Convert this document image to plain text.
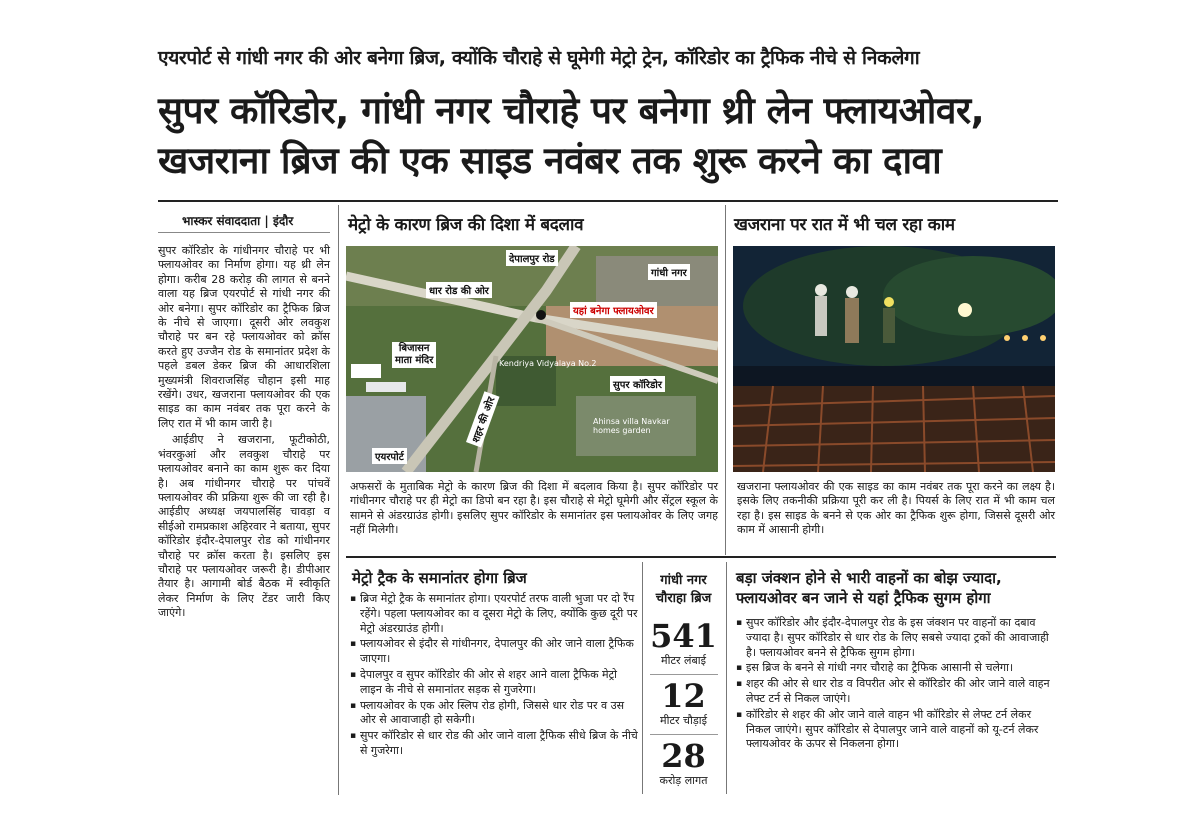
एयरपोर्ट से गांधी नगर की ओर बनेगा ब्रिज, क्योंकि चौराहे से घूमेगी मेट्रो ट्रेन, कॉरिडोर का ट्रैफिक नीचे से निकलेगा
सुपर कॉरिडोर, गांधी नगर चौराहे पर बनेगा थ्री लेन फ्लायओवर,
खजराना ब्रिज की एक साइड नवंबर तक शुरू करने का दावा
भास्कर संवाददाता | इंदौर

सुपर कॉरिडोर के गांधीनगर चौराहे पर भी फ्लायओवर का निर्माण होगा। यह थ्री लेन होगा। करीब 28 करोड़ की लागत से बनने वाला यह ब्रिज एयरपोर्ट से गांधी नगर की ओर बनेगा। सुपर कॉरिडोर का ट्रैफिक ब्रिज के नीचे से जाएगा। दूसरी ओर लवकुश चौराहे पर बन रहे फ्लायओवर को क्रॉस करते हुए उज्जैन रोड के समानांतर प्रदेश के पहले डबल डेकर ब्रिज की आधारशिला मुख्यमंत्री शिवराजसिंह चौहान इसी माह रखेंगे। उधर, खजराना फ्लायओवर की एक साइड का काम नवंबर तक पूरा करने के लिए रात में भी काम जारी है।

आईडीए ने खजराना, फूटीकोठी, भंवरकुआं और लवकुश चौराहे पर फ्लायओवर बनाने का काम शुरू कर दिया है। अब गांधीनगर चौराहे पर पांचवें फ्लायओवर की प्रक्रिया शुरू की जा रही है। आईडीए अध्यक्ष जयपालसिंह चावड़ा व सीईओ रामप्रकाश अहिरवार ने बताया, सुपर कॉरिडोर इंदौर-देपालपुर रोड को गांधीनगर चौराहे पर क्रॉस करता है। इसलिए इस चौराहे पर फ्लायओवर जरूरी है। डीपीआर तैयार है। आगामी बोर्ड बैठक में स्वीकृति लेकर निर्माण के लिए टेंडर जारी किए जाएंगे।

मेट्रो के कारण ब्रिज की दिशा में बदलाव
देपालपुर रोड
गांधी नगर
धार रोड की ओर
यहां बनेगा फ्लायओवर
बिजासन
माता मंदिर	Kendriya Vidyalaya No.2
सुपर कॉरिडोर
Ahinsa villa Navkar homes garden
एयरपोर्ट
शहर की ओर
अफसरों के मुताबिक मेट्रो के कारण ब्रिज की दिशा में बदलाव किया है। सुपर कॉरिडोर पर गांधीनगर चौराहे पर ही मेट्रो का डिपो बन रहा है। इस चौराहे से मेट्रो घूमेगी और सेंट्रल स्कूल के सामने से अंडरग्राउंड होगी। इसलिए सुपर कॉरिडोर के समानांतर इस फ्लायओवर के लिए जगह नहीं मिलेगी।
खजराना पर रात में भी चल रहा काम
खजराना फ्लायओवर की एक साइड का काम नवंबर तक पूरा करने का लक्ष्य है। इसके लिए तकनीकी प्रक्रिया पूरी कर ली है। पियर्स के लिए रात में भी काम चल रहा है। इस साइड के बनने से एक ओर का ट्रैफिक शुरू होगा, जिससे दूसरी ओर काम में आसानी होगी।
मेट्रो ट्रैक के समानांतर होगा ब्रिज
▪ ब्रिज मेट्रो ट्रैक के समानांतर होगा। एयरपोर्ट तरफ वाली भुजा पर दो रैंप रहेंगे। पहला फ्लायओवर का व दूसरा मेट्रो के लिए, क्योंकि कुछ दूरी पर मेट्रो अंडरग्राउंड होगी।
▪ फ्लायओवर से इंदौर से गांधीनगर, देपालपुर की ओर जाने वाला ट्रैफिक जाएगा।
▪ देपालपुर व सुपर कॉरिडोर की ओर से शहर आने वाला ट्रैफिक मेट्रो लाइन के नीचे से समानांतर सड़क से गुजरेगा।
▪ फ्लायओवर के एक ओर स्लिप रोड होगी, जिससे धार रोड पर व उस ओर से आवाजाही हो सकेगी।
▪ सुपर कॉरिडोर से धार रोड की ओर जाने वाला ट्रैफिक सीधे ब्रिज के नीचे से गुजरेगा।
गांधी नगर
चौराहा ब्रिज
541
मीटर लंबाई
12
मीटर चौड़ाई
28
करोड़ लागत
बड़ा जंक्शन होने से भारी वाहनों का बोझ ज्यादा,
फ्लायओवर बन जाने से यहां ट्रैफिक सुगम होगा
▪ सुपर कॉरिडोर और इंदौर-देपालपुर रोड के इस जंक्शन पर वाहनों का दबाव ज्यादा है। सुपर कॉरिडोर से धार रोड के लिए सबसे ज्यादा ट्रकों की आवाजाही है। फ्लायओवर बनने से ट्रैफिक सुगम होगा।
▪ इस ब्रिज के बनने से गांधी नगर चौराहे का ट्रैफिक आसानी से चलेगा।
▪ शहर की ओर से धार रोड व विपरीत ओर से कॉरिडोर की ओर जाने वाले वाहन लेफ्ट टर्न से निकल जाएंगे।
▪ कॉरिडोर से शहर की ओर जाने वाले वाहन भी कॉरिडोर से लेफ्ट टर्न लेकर निकल जाएंगे। सुपर कॉरिडोर से देपालपुर जाने वाले वाहनों को यू-टर्न लेकर फ्लायओवर के ऊपर से निकलना होगा।
